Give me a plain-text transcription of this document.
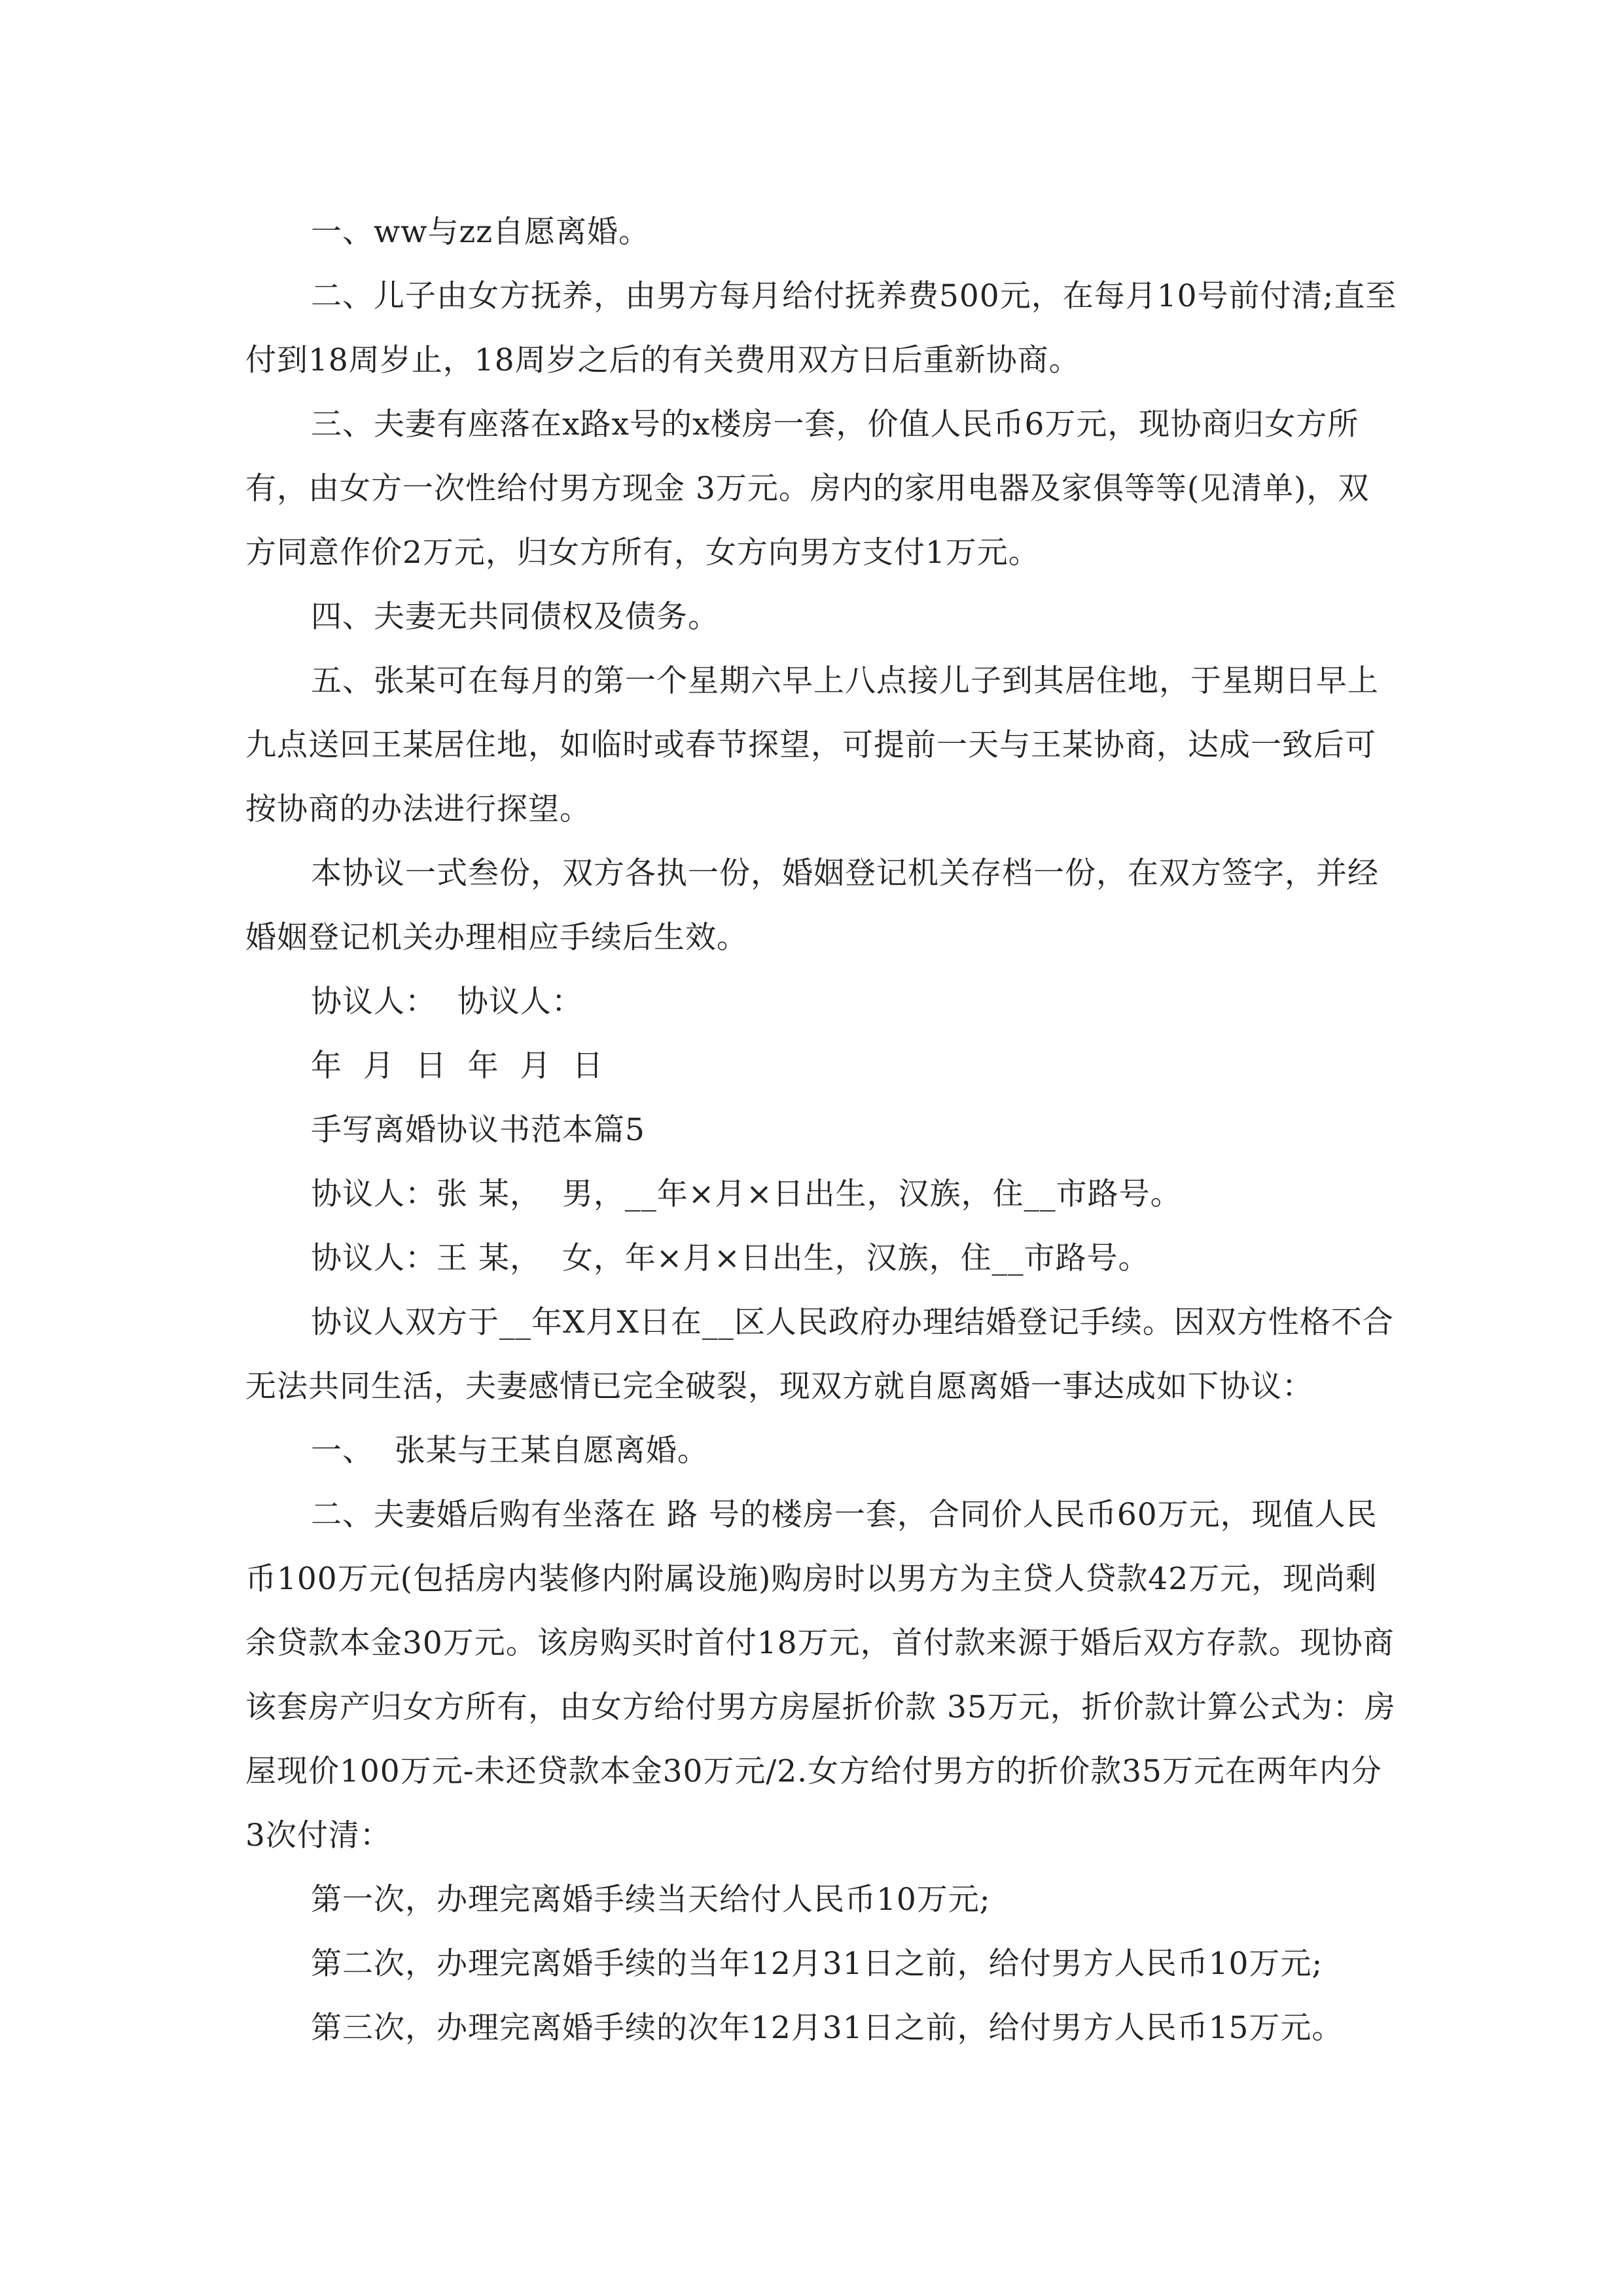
一、ww与zz自愿离婚。

二、儿子由女方抚养，由男方每月给付抚养费500元，在每月10号前付清;直至付到18周岁止，18周岁之后的有关费用双方日后重新协商。

三、夫妻有座落在x路x号的x楼房一套，价值人民币6万元，现协商归女方所有，由女方一次性给付男方现金 3万元。房内的家用电器及家俱等等(见清单)，双方同意作价2万元，归女方所有，女方向男方支付1万元。

四、夫妻无共同债权及债务。

五、张某可在每月的第一个星期六早上八点接儿子到其居住地，于星期日早上九点送回王某居住地，如临时或春节探望，可提前一天与王某协商，达成一致后可按协商的办法进行探望。

本协议一式叁份，双方各执一份，婚姻登记机关存档一份，在双方签字，并经婚姻登记机关办理相应手续后生效。

协议人：  协议人：

年  月  日  年  月  日

手写离婚协议书范本篇5

协议人：张 某，  男，__年×月×日出生，汉族，住__市路号。

协议人：王 某，  女，年×月×日出生，汉族，住__市路号。

协议人双方于__年X月X日在__区人民政府办理结婚登记手续。因双方性格不合无法共同生活，夫妻感情已完全破裂，现双方就自愿离婚一事达成如下协议：

一、  张某与王某自愿离婚。

二、夫妻婚后购有坐落在 路 号的楼房一套，合同价人民币60万元，现值人民币100万元(包括房内装修内附属设施)购房时以男方为主贷人贷款42万元，现尚剩余贷款本金30万元。该房购买时首付18万元，首付款来源于婚后双方存款。现协商该套房产归女方所有，由女方给付男方房屋折价款 35万元，折价款计算公式为：房屋现价100万元-未还贷款本金30万元/2.女方给付男方的折价款35万元在两年内分3次付清：

第一次，办理完离婚手续当天给付人民币10万元;

第二次，办理完离婚手续的当年12月31日之前，给付男方人民币10万元;

第三次，办理完离婚手续的次年12月31日之前，给付男方人民币15万元。
